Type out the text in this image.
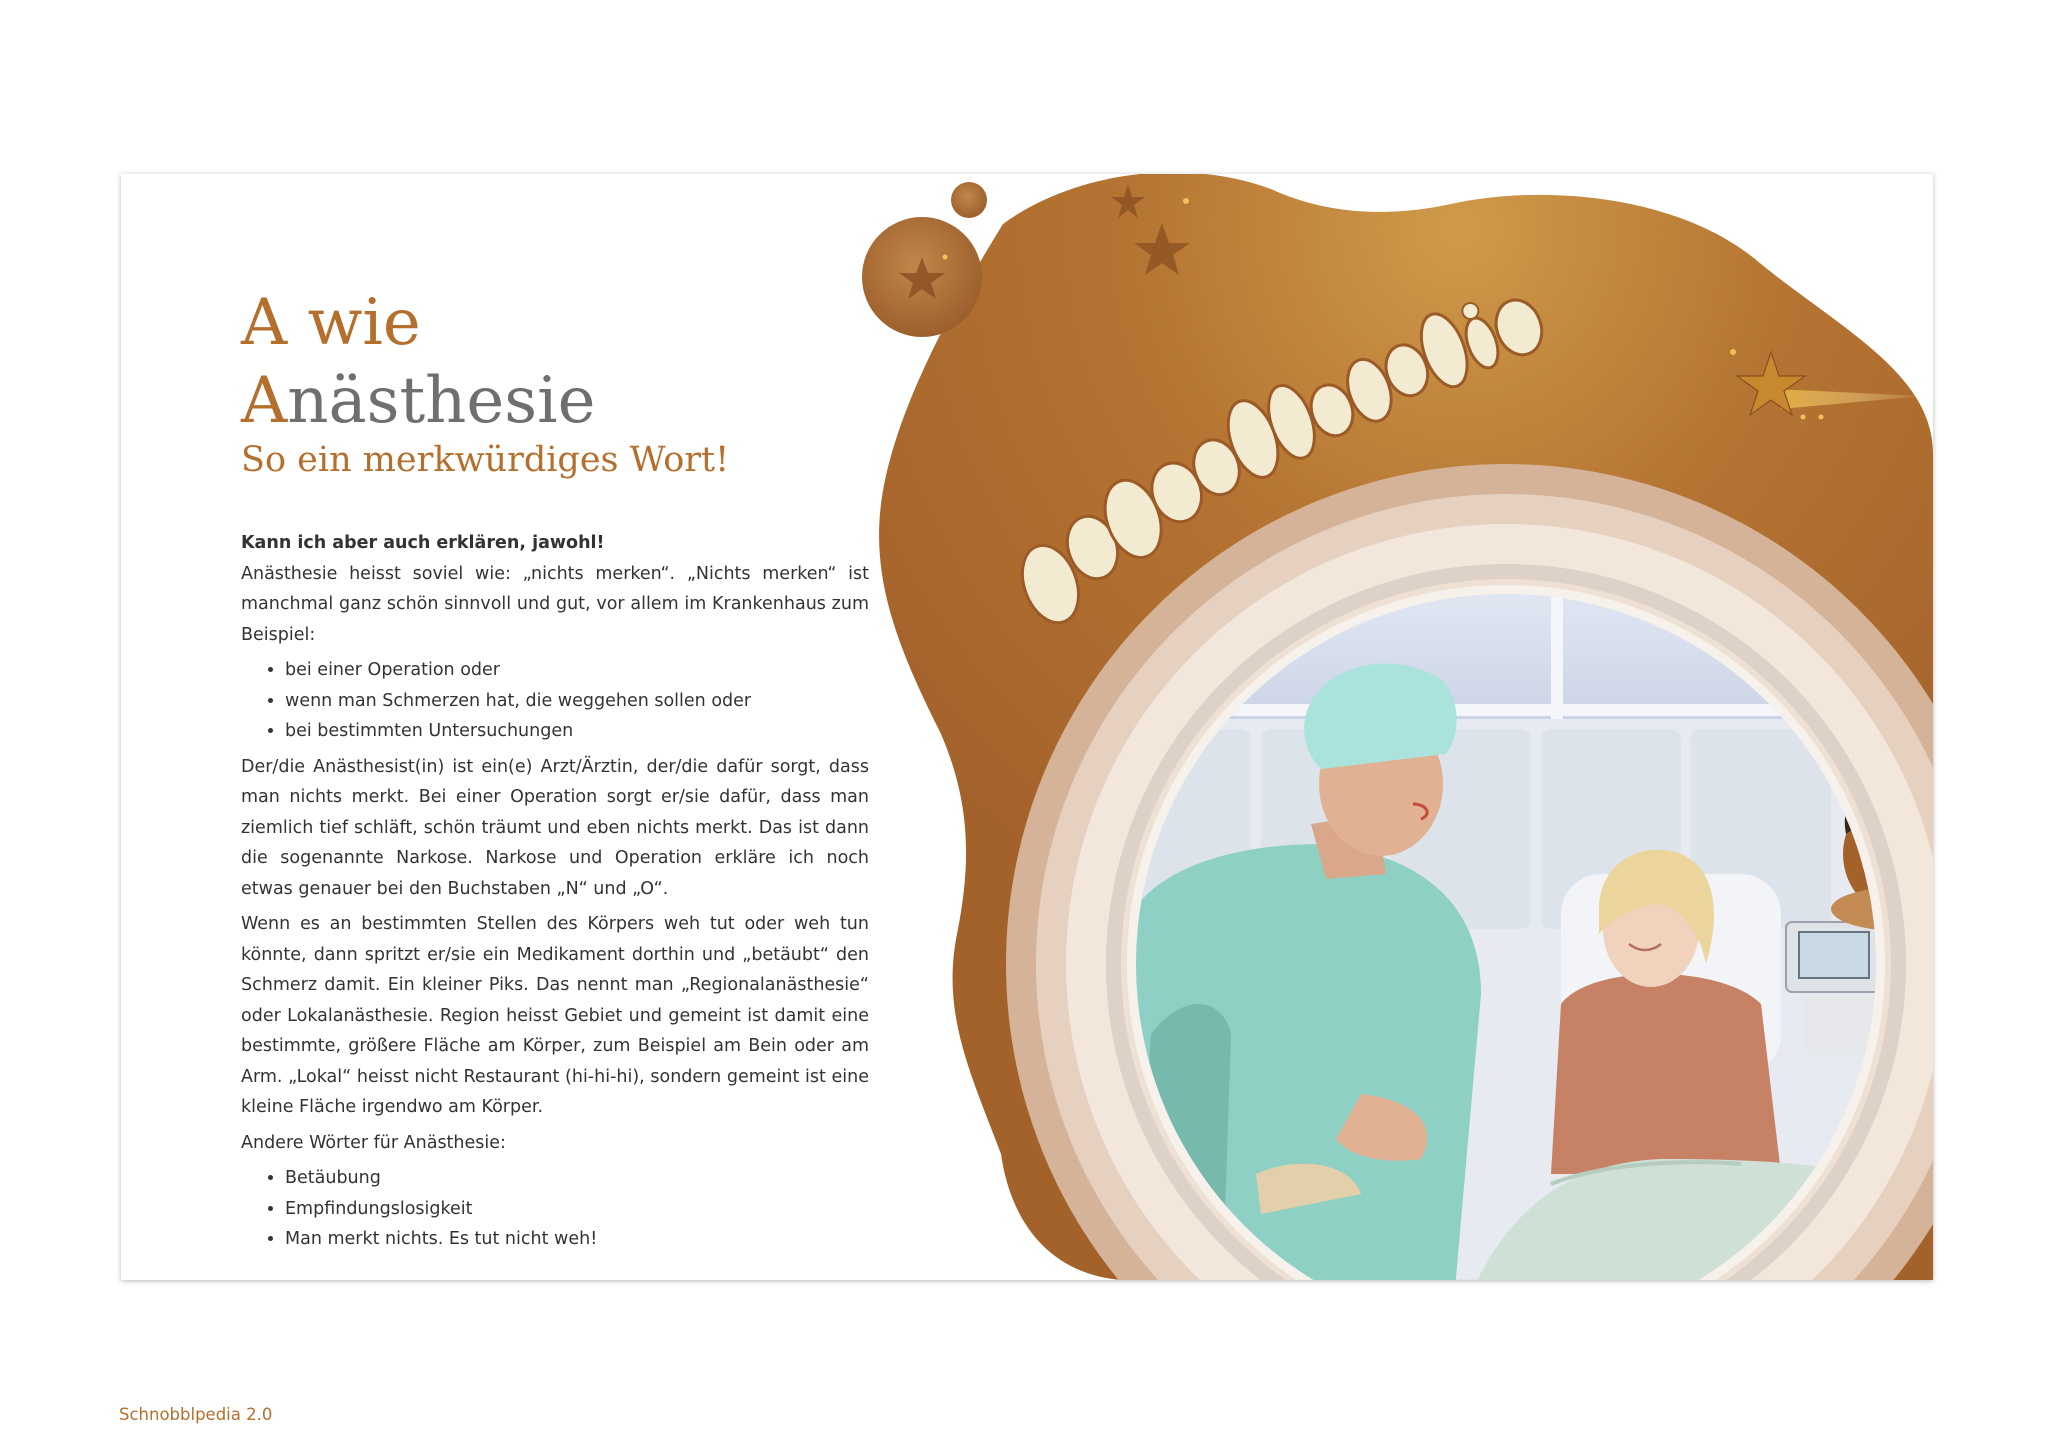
A wie
Anästhesie
So ein merkwürdiges Wort!

Kann ich aber auch erklären, jawohl!

Anästhesie heisst soviel wie: „nichts merken“. „Nichts merken“ ist manchmal ganz schön sinnvoll und gut, vor allem im Krankenhaus zum Beispiel:

• bei einer Operation oder
• wenn man Schmerzen hat, die weggehen sollen oder
• bei bestimmten Untersuchungen

Der/die Anästhesist(in) ist ein(e) Arzt/Ärztin, der/die dafür sorgt, dass man nichts merkt. Bei einer Operation sorgt er/sie dafür, dass man ziemlich tief schläft, schön träumt und eben nichts merkt. Das ist dann die sogenannte Narkose. Narkose und Operation erkläre ich noch etwas genauer bei den Buchstaben „N“ und „O“.

Wenn es an bestimmten Stellen des Körpers weh tut oder weh tun könnte, dann spritzt er/sie ein Medikament dorthin und „betäubt“ den Schmerz damit. Ein kleiner Piks. Das nennt man „Regionalanästhesie“ oder Lokalanästhesie. Region heisst Gebiet und gemeint ist damit eine bestimmte, größere Fläche am Körper, zum Beispiel am Bein oder am Arm. „Lokal“ heisst nicht Restaurant (hi-hi-hi), sondern gemeint ist eine kleine Fläche irgendwo am Körper.

Andere Wörter für Anästhesie:

• Betäubung
• Empfindungslosigkeit
• Man merkt nichts. Es tut nicht weh!
Schnobblpedia 2.0
